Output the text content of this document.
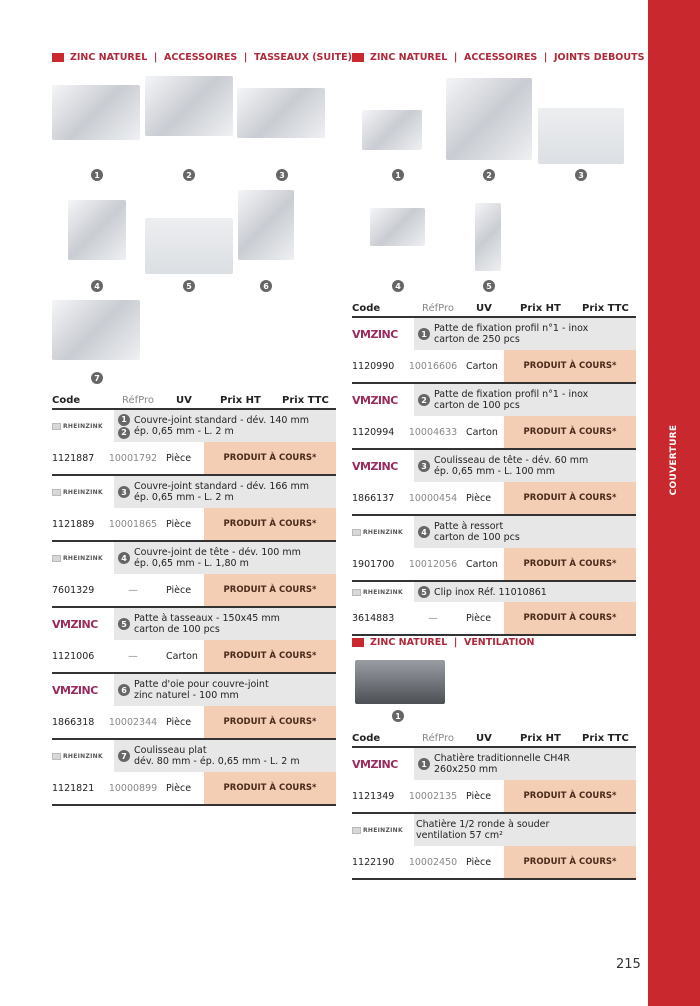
COUVERTURE
215
ZINC NATUREL  |  ACCESSOIRES  |  TASSEAUX (SUITE) ZINC NATUREL  |  ACCESSOIRES  |  JOINTS DEBOUTS
ZINC NATUREL  |  VENTILATION
1	2	3
4	5	6
7
1	2	3
4	5
1
Code	RéfPro UV	Prix HT Prix TTC
RHEINZINK
1
2
Couvre-joint standard - dév. 140 mm
ép. 0,65 mm - L. 2 m
1121887	10001792 Pièce	PRODUIT À COURS*
RHEINZINK	3 Couvre-joint standard - dév. 166 mm
ép. 0,65 mm - L. 2 m
1121889	10001865 Pièce	PRODUIT À COURS*
RHEINZINK	4 Couvre-joint de tête - dév. 100 mm
ép. 0,65 mm - L. 1,80 m
7601329	—	Pièce	PRODUIT À COURS*
VMZINC	5 Patte à tasseaux - 150x45 mm
carton de 100 pcs
1121006	—	Carton	PRODUIT À COURS*
VMZINC	6 Patte d'oie pour couvre-joint
zinc naturel - 100 mm
1866318	10002344 Pièce	PRODUIT À COURS*
RHEINZINK	7 Coulisseau plat
dév. 80 mm - ép. 0,65 mm - L. 2 m
1121821	10000899 Pièce	PRODUIT À COURS*
Code	RéfPro UV	Prix HT Prix TTC
VMZINC	1 Patte de fixation profil n°1 - inox
carton de 250 pcs
1120990	10016606 Carton	PRODUIT À COURS*
VMZINC	2 Patte de fixation profil n°1 - inox
carton de 100 pcs
1120994	10004633 Carton	PRODUIT À COURS*
VMZINC	3 Coulisseau de tête - dév. 60 mm
ép. 0,65 mm - L. 100 mm
1866137	10000454 Pièce	PRODUIT À COURS*
RHEINZINK	4 Patte à ressort
carton de 100 pcs
1901700	10012056 Carton	PRODUIT À COURS*
RHEINZINK	5 Clip inox Réf. 11010861
3614883	—	Pièce	PRODUIT À COURS*
Code	RéfPro UV	Prix HT Prix TTC
VMZINC	1 Chatière traditionnelle CH4R
260x250 mm
1121349	10002135 Pièce	PRODUIT À COURS*
RHEINZINK Chatière 1/2 ronde à souder
ventilation 57 cm²
1122190	10002450 Pièce	PRODUIT À COURS*
